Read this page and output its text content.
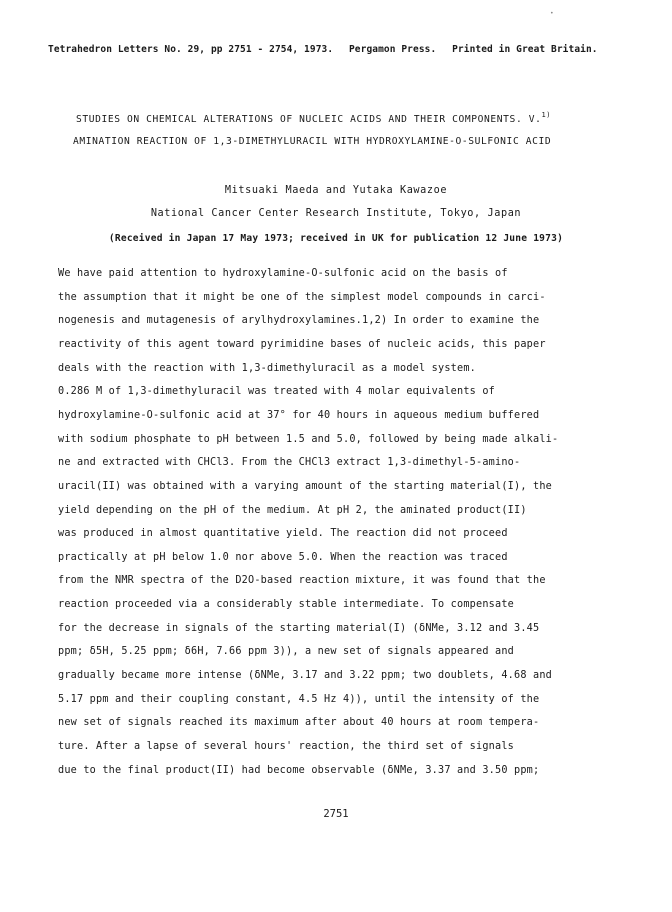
•
Tetrahedron Letters No. 29, pp 2751 - 2754, 1973. Pergamon Press. Printed in Great Britain.
STUDIES ON CHEMICAL ALTERATIONS OF NUCLEIC ACIDS AND THEIR COMPONENTS. V.$^{1)}$
AMINATION REACTION OF 1,3-DIMETHYLURACIL WITH HYDROXYLAMINE-O-SULFONIC ACID
Mitsuaki Maeda and Yutaka Kawazoe
National Cancer Center Research Institute, Tokyo, Japan
(Received in Japan 17 May 1973; received in UK for publication 12 June 1973)
We have paid attention to hydroxylamine-O-sulfonic acid on the basis of
the assumption that it might be one of the simplest model compounds in carci-
nogenesis and mutagenesis of arylhydroxylamines.1,2) In order to examine the
reactivity of this agent toward pyrimidine bases of nucleic acids, this paper
deals with the reaction with 1,3-dimethyluracil as a model system.
0.286 M of 1,3-dimethyluracil was treated with 4 molar equivalents of
hydroxylamine-O-sulfonic acid at 37° for 40 hours in aqueous medium buffered
with sodium phosphate to pH between 1.5 and 5.0, followed by being made alkali-
ne and extracted with CHCl3. From the CHCl3 extract 1,3-dimethyl-5-amino-
uracil(II) was obtained with a varying amount of the starting material(I), the
yield depending on the pH of the medium. At pH 2, the aminated product(II)
was produced in almost quantitative yield. The reaction did not proceed
practically at pH below 1.0 nor above 5.0. When the reaction was traced
from the NMR spectra of the D2O-based reaction mixture, it was found that the
reaction proceeded via a considerably stable intermediate. To compensate
for the decrease in signals of the starting material(I) (δNMe, 3.12 and 3.45
ppm; δ5H, 5.25 ppm; δ6H, 7.66 ppm 3)), a new set of signals appeared and
gradually became more intense (δNMe, 3.17 and 3.22 ppm; two doublets, 4.68 and
5.17 ppm and their coupling constant, 4.5 Hz 4)), until the intensity of the
new set of signals reached its maximum after about 40 hours at room tempera-
ture. After a lapse of several hours' reaction, the third set of signals
due to the final product(II) had become observable (δNMe, 3.37 and 3.50 ppm;
2751
